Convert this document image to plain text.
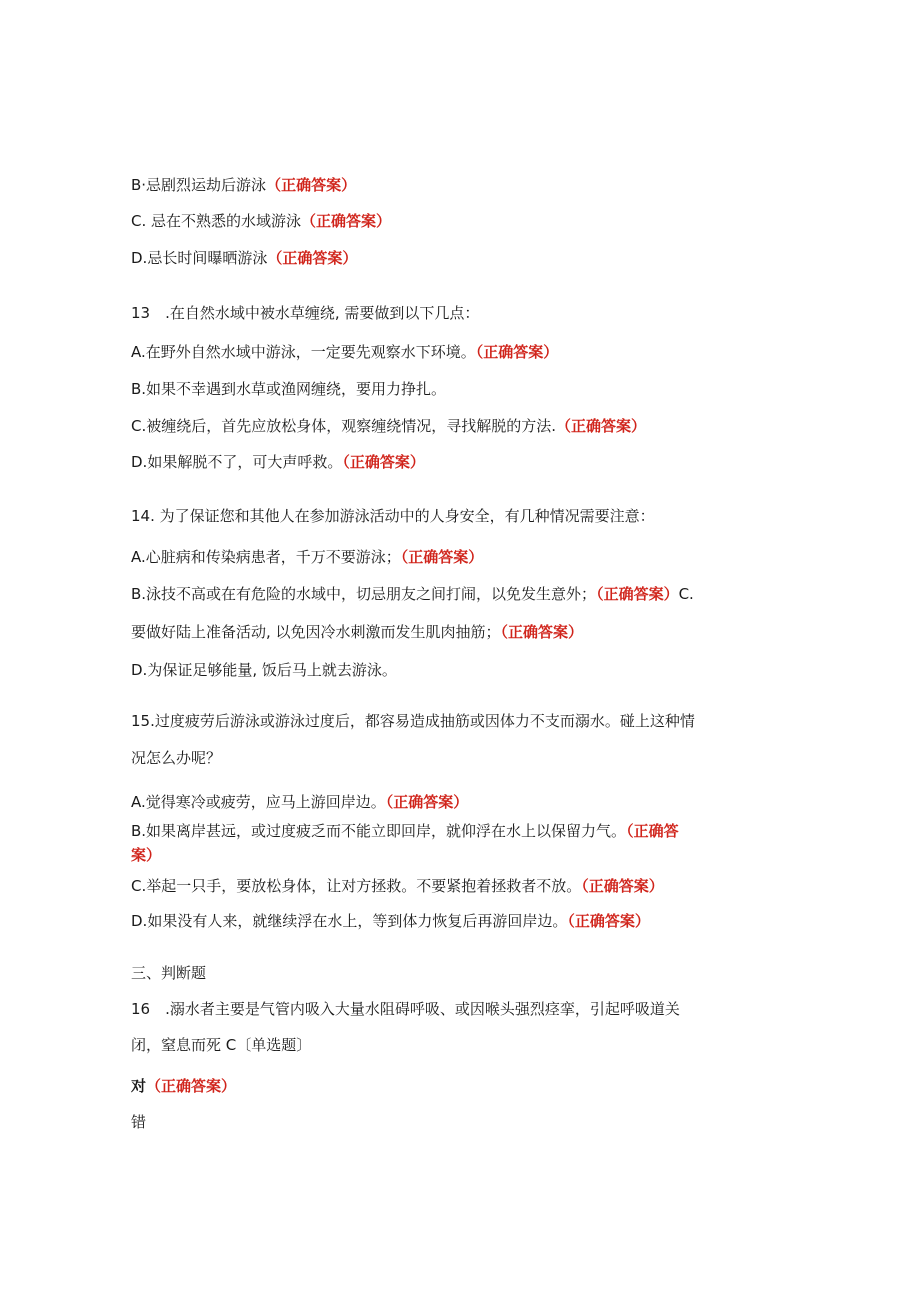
B·忌剧烈运劫后游泳（正确答案）
C. 忌在不熟悉的水域游泳（正确答案）
D.忌长时间曝晒游泳（正确答案）
13　.在自然水域中被水草缠绕, 需要做到以下几点：
A.在野外自然水域中游泳，一定要先观察水下环境。（正确答案）
B.如果不幸遇到水草或渔网缠绕，要用力挣扎。
C.被缠绕后，首先应放松身体，观察缠绕情况，寻找解脱的方法.（正确答案）
D.如果解脱不了，可大声呼救。（正确答案）
14. 为了保证您和其他人在参加游泳活动中的人身安全，有几种情况需要注意：
A.心脏病和传染病患者，千万不要游泳；（正确答案）
B.泳技不高或在有危险的水域中，切忌朋友之间打闹，以免发生意外；（正确答案）C.
要做好陆上准备活动, 以免因冷水刺激而发生肌肉抽筋；（正确答案）
D.为保证足够能量, 饭后马上就去游泳。
15.过度疲劳后游泳或游泳过度后，都容易造成抽筋或因体力不支而溺水。碰上这种情
况怎么办呢？
A.觉得寒冷或疲劳，应马上游回岸边。（正确答案）
B.如果离岸甚远，或过度疲乏而不能立即回岸，就仰浮在水上以保留力气。（正确答
案）
C.举起一只手，要放松身体，让对方拯救。不要紧抱着拯救者不放。（正确答案）
D.如果没有人来，就继续浮在水上，等到体力恢复后再游回岸边。（正确答案）
三、判断题
16　.溺水者主要是气管内吸入大量水阻碍呼吸、或因喉头强烈痉挛，引起呼吸道关
闭，窒息而死 C〔单选题〕
对（正确答案）
错
